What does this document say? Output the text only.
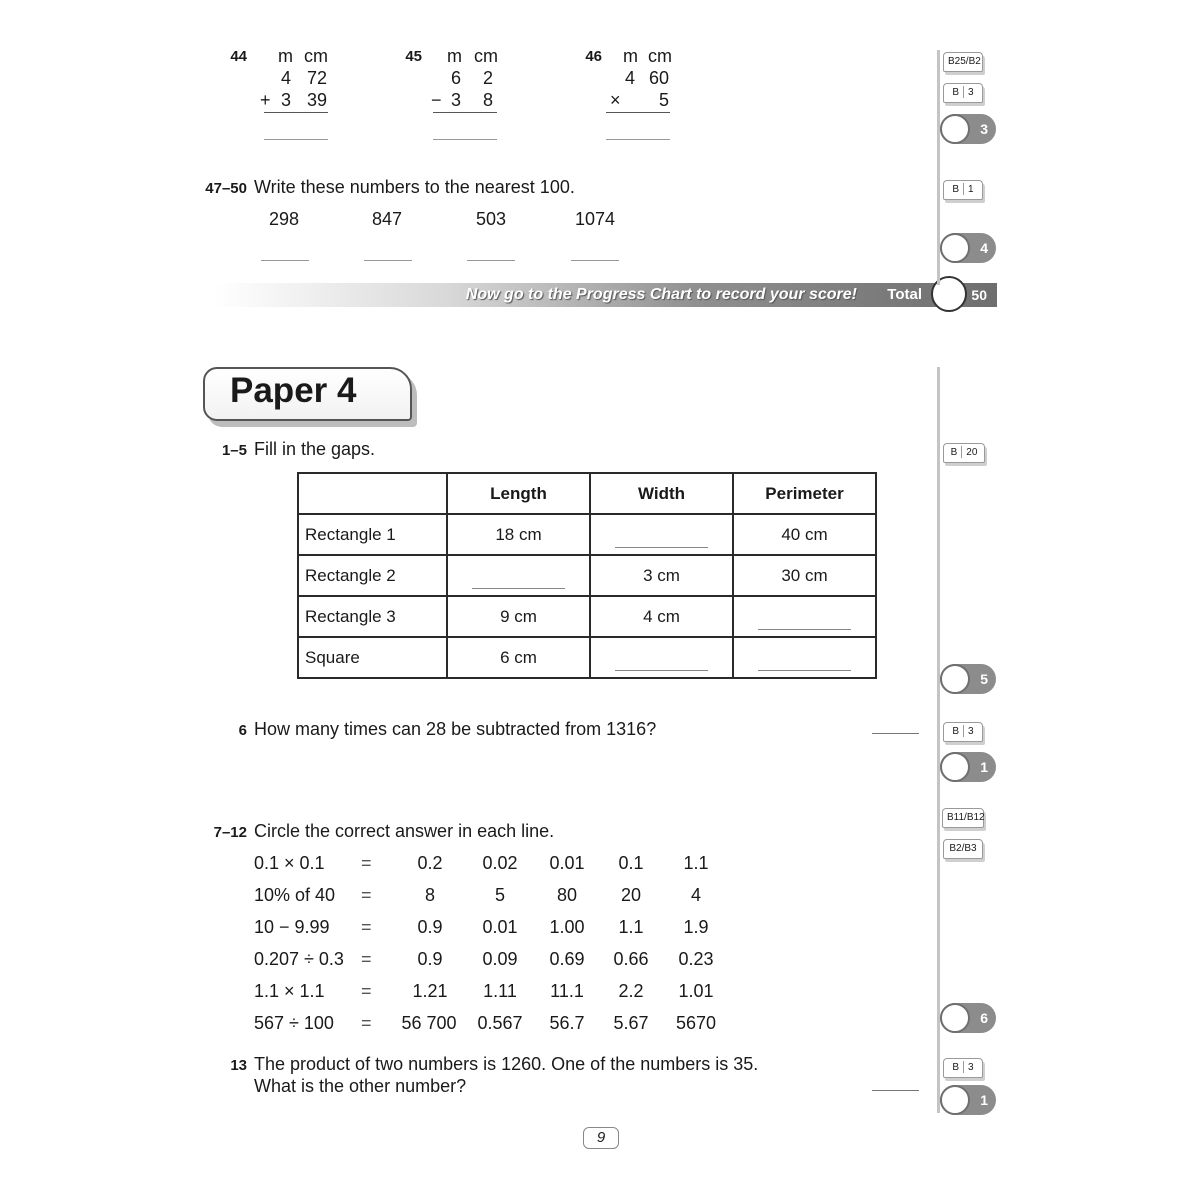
44 m cm
4 72
+ 3 39
45 m cm
6	2
− 3	8
46 m cm
4 60
×	5
47–50 Write these numbers to the nearest 100.
298	847	503	1074
Now go to the Progress Chart to record your score! Total	50
Paper 4
1–5 Fill in the gaps.
	Length	Width	Perimeter
Rectangle 1	18 cm		40 cm
Rectangle 2		3 cm	30 cm
Rectangle 3	9 cm	4 cm	

Square	6 cm	

6 How many times can 28 be subtracted from 1316?
7–12 Circle the correct answer in each line.
0.1 × 0.1 =	0.2	0.02	0.01	0.1	1.1
10% of 40 =	8	5	80	20	4
10 − 9.99 =	0.9	0.01	1.00	1.1	1.9
0.207 ÷ 0.3 =	0.9	0.09	0.69	0.66	0.23
1.1 × 1.1 =	1.21	1.11	11.1	2.2	1.01
567 ÷ 100 =	56 700	0.567	56.7	5.67	5670
13 The product of two numbers is 1260. One of the numbers is 35.
What is the other number?
B25/B2
B 3
B 1
B 20
B 3
B11/B12
B2/B3
B 3
3
4
5
1
6
1
9
